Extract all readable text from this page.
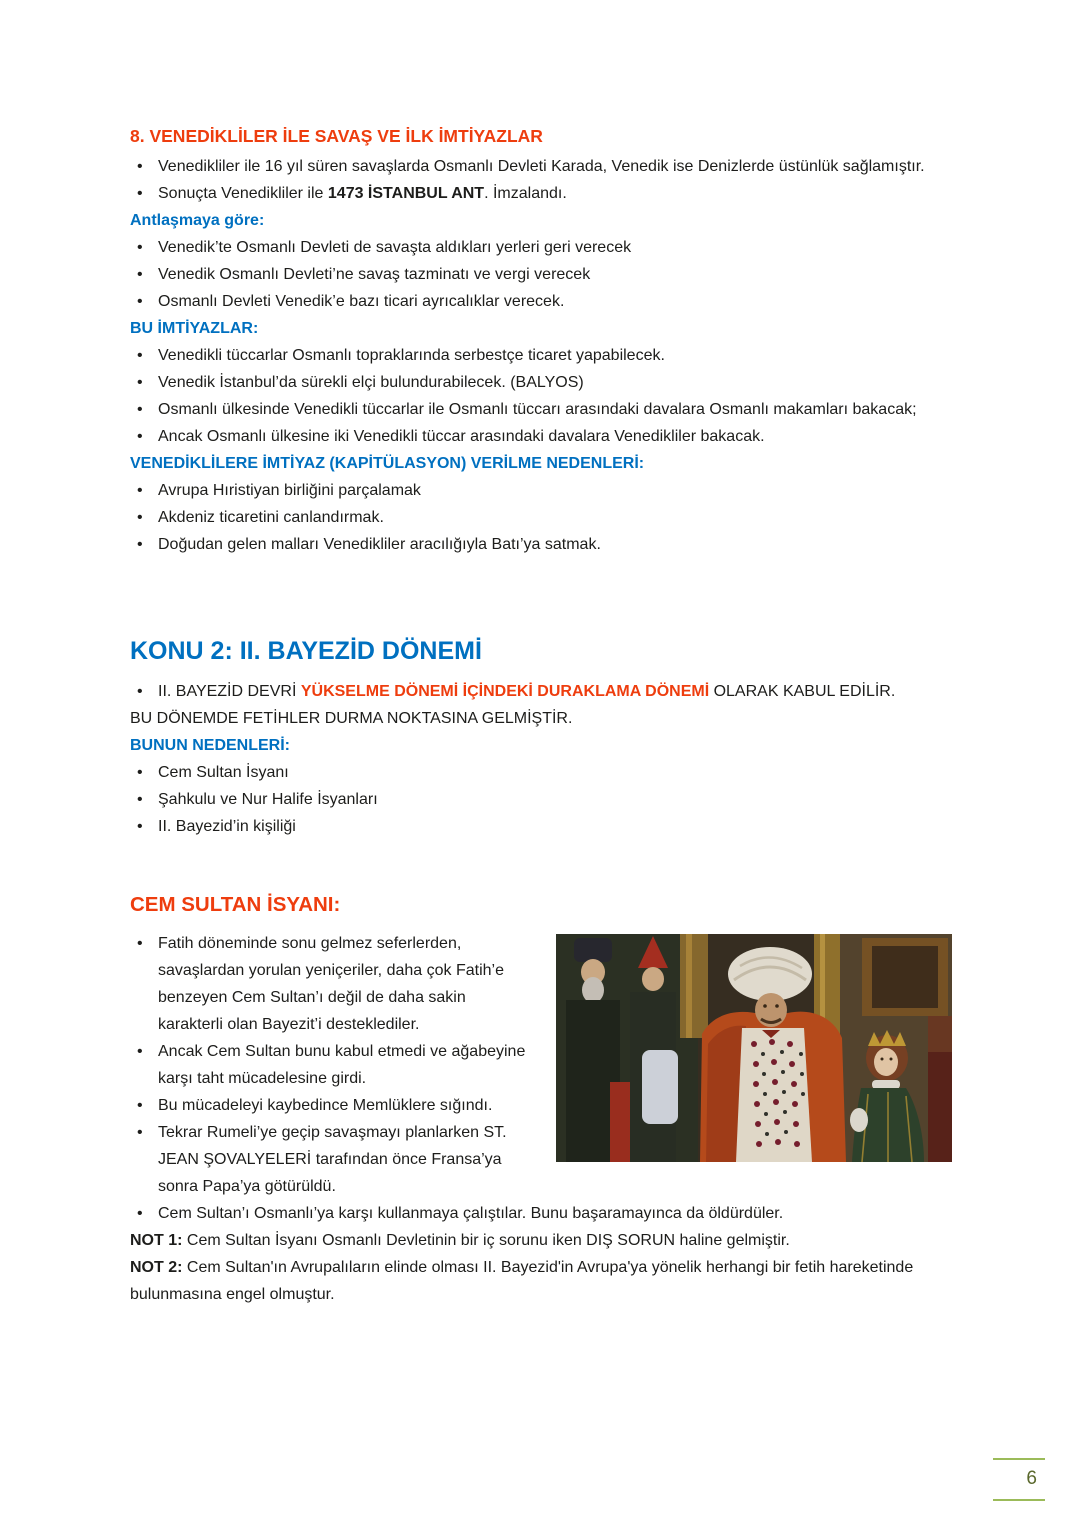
8. VENEDİKLİLER İLE SAVAŞ VE İLK İMTİYAZLAR
• Venedikliler ile 16 yıl süren savaşlarda Osmanlı Devleti Karada, Venedik ise Denizlerde üstünlük sağlamıştır.
• Sonuçta Venedikliler ile 1473 İSTANBUL ANT. İmzalandı.

Antlaşmaya göre:

• Venedik’te Osmanlı Devleti de savaşta aldıkları yerleri geri verecek
• Venedik Osmanlı Devleti’ne savaş tazminatı ve vergi verecek
• Osmanlı Devleti Venedik’e bazı ticari ayrıcalıklar verecek.

BU İMTİYAZLAR:

• Venedikli tüccarlar Osmanlı topraklarında serbestçe ticaret yapabilecek.
• Venedik İstanbul’da sürekli elçi bulundurabilecek. (BALYOS)
• Osmanlı ülkesinde Venedikli tüccarlar ile Osmanlı tüccarı arasındaki davalara Osmanlı makamları bakacak;
• Ancak Osmanlı ülkesine iki Venedikli tüccar arasındaki davalara Venedikliler bakacak.

VENEDİKLİLERE İMTİYAZ (KAPİTÜLASYON) VERİLME NEDENLERİ:

• Avrupa Hıristiyan birliğini parçalamak
• Akdeniz ticaretini canlandırmak.
• Doğudan gelen malları Venedikliler aracılığıyla Batı’ya satmak.
KONU 2: II. BAYEZİD DÖNEMİ
• II. BAYEZİD DEVRİ YÜKSELME DÖNEMİ İÇİNDEKİ DURAKLAMA DÖNEMİ OLARAK KABUL EDİLİR.

BU DÖNEMDE FETİHLER DURMA NOKTASINA GELMİŞTİR.

BUNUN NEDENLERİ:

• Cem Sultan İsyanı
• Şahkulu ve Nur Halife İsyanları
• II. Bayezid’in kişiliği
CEM SULTAN İSYANI:
• Fatih döneminde sonu gelmez seferlerden, savaşlardan yorulan yeniçeriler, daha çok Fatih’e benzeyen Cem Sultan’ı değil de daha sakin karakterli olan Bayezit’i desteklediler.
• Ancak Cem Sultan bunu kabul etmedi ve ağabeyine karşı taht mücadelesine girdi.
• Bu mücadeleyi kaybedince Memlüklere sığındı.
• Tekrar Rumeli’ye geçip savaşmayı planlarken ST. JEAN ŞOVALYELERİ tarafından önce Fransa’ya sonra Papa’ya götürüldü.
• Cem Sultan’ı Osmanlı’ya karşı kullanmaya çalıştılar. Bunu başaramayınca da öldürdüler.

NOT 1: Cem Sultan İsyanı Osmanlı Devletinin bir iç sorunu iken DIŞ SORUN haline gelmiştir.

NOT 2: Cem Sultan'ın Avrupalıların elinde olması II. Bayezid'in Avrupa'ya yönelik herhangi bir fetih hareketinde bulunmasına engel olmuştur.

6
